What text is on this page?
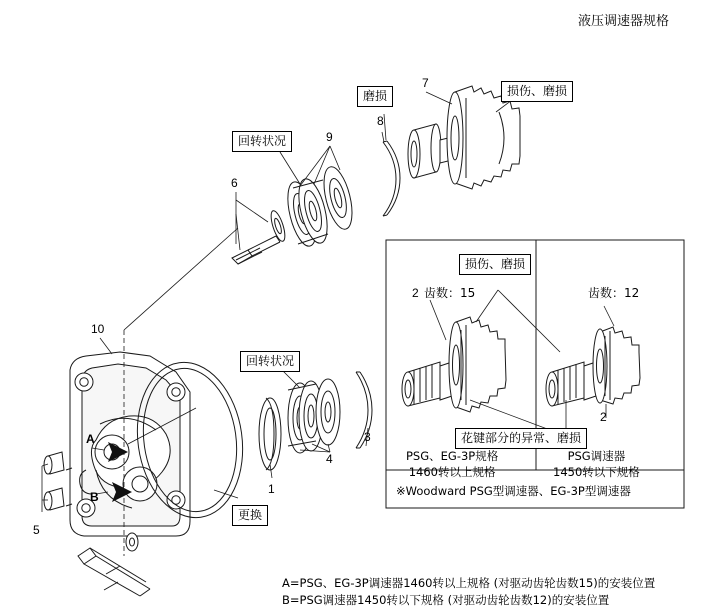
液压调速器规格
磨损	损伤、磨损
回转状况
回转状况
更换
6
9
8
7
10
1
4
3
5
A
B
损伤、磨损
2 齿数：15	齿数：12
2
花键部分的异常、磨损
PSG、EG-3P规格
1460转以上规格
PSG调速器
1450转以下规格
※Woodward PSG型调速器、EG-3P型调速器
A=PSG、EG-3P调速器1460转以上规格 (对驱动齿轮齿数15)的安装位置
B=PSG调速器1450转以下规格 (对驱动齿轮齿数12)的安装位置
